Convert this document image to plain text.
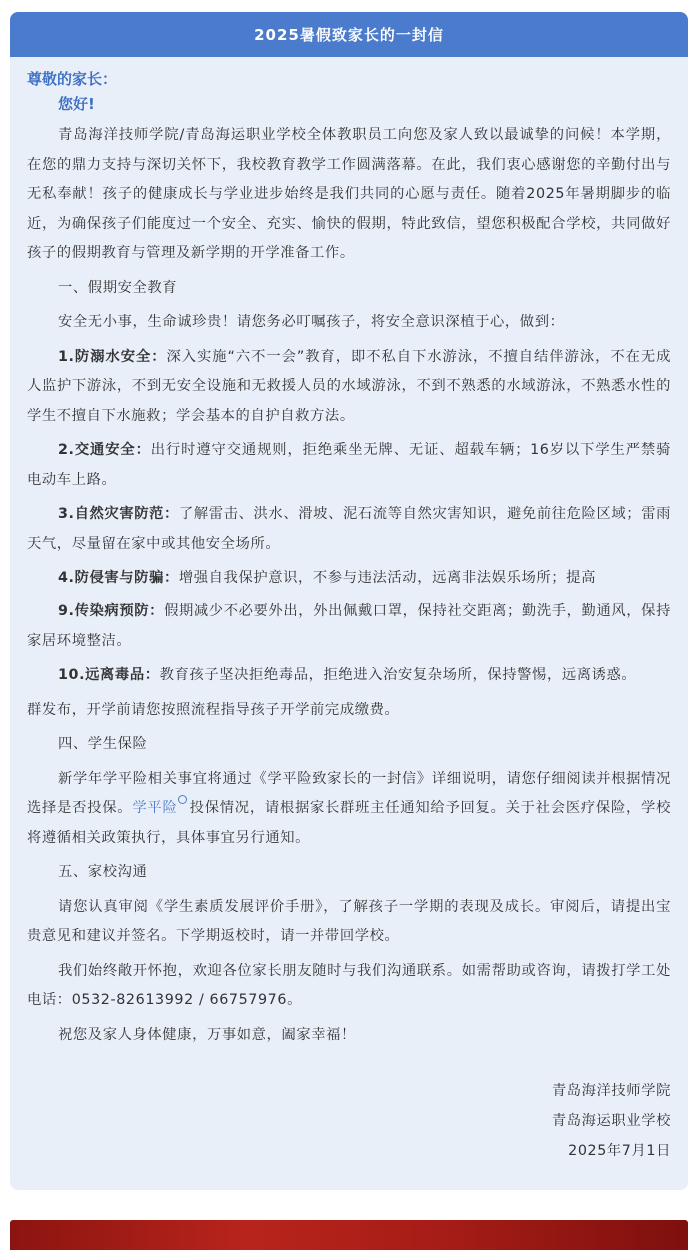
2025暑假致家长的一封信
尊敬的家长：
您好!

青岛海洋技师学院/青岛海运职业学校全体教职员工向您及家人致以最诚挚的问候！本学期，在您的鼎力支持与深切关怀下，我校教育教学工作圆满落幕。在此，我们衷心感谢您的辛勤付出与无私奉献！孩子的健康成长与学业进步始终是我们共同的心愿与责任。随着2025年暑期脚步的临近，为确保孩子们能度过一个安全、充实、愉快的假期，特此致信，望您积极配合学校，共同做好孩子的假期教育与管理及新学期的开学准备工作。

一、假期安全教育

安全无小事，生命诚珍贵！请您务必叮嘱孩子，将安全意识深植于心，做到：

1.防溺水安全：深入实施“六不一会”教育，即不私自下水游泳，不擅自结伴游泳，不在无成人监护下游泳，不到无安全设施和无救援人员的水域游泳，不到不熟悉的水域游泳，不熟悉水性的学生不擅自下水施救；学会基本的自护自救方法。

2.交通安全：出行时遵守交通规则，拒绝乘坐无牌、无证、超载车辆；16岁以下学生严禁骑电动车上路。

3.自然灾害防范：了解雷击、洪水、滑坡、泥石流等自然灾害知识，避免前往危险区域；雷雨天气，尽量留在家中或其他安全场所。

4.防侵害与防骗：增强自我保护意识，不参与违法活动，远离非法娱乐场所；提高

9.传染病预防：假期减少不必要外出，外出佩戴口罩，保持社交距离；勤洗手，勤通风，保持家居环境整洁。

10.远离毒品：教育孩子坚决拒绝毒品，拒绝进入治安复杂场所，保持警惕，远离诱惑。

群发布，开学前请您按照流程指导孩子开学前完成缴费。

四、学生保险

新学年学平险相关事宜将通过《学平险致家长的一封信》详细说明，请您仔细阅读并根据情况选择是否投保。学平险 投保情况，请根据家长群班主任通知给予回复。关于社会医疗保险，学校将遵循相关政策执行，具体事宜另行通知。

五、家校沟通

请您认真审阅《学生素质发展评价手册》，了解孩子一学期的表现及成长。审阅后，请提出宝贵意见和建议并签名。下学期返校时，请一并带回学校。

我们始终敞开怀抱，欢迎各位家长朋友随时与我们沟通联系。如需帮助或咨询，请拨打学工处电话：0532-82613992 / 66757976。

祝您及家人身体健康，万事如意，阖家幸福！

青岛海洋技师学院
青岛海运职业学校
2025年7月1日
